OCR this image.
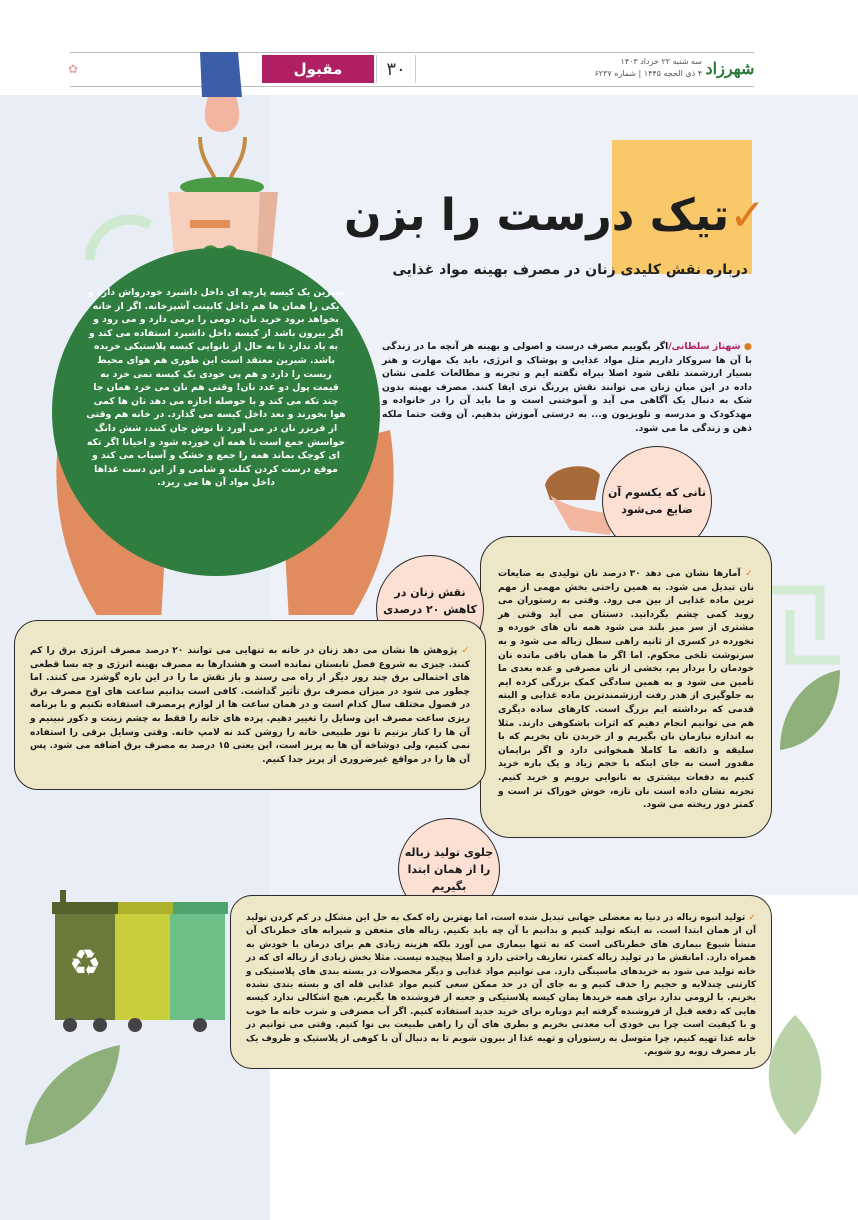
✿	مقبول	۳۰	سه شنبه ۲۲ خرداد ۱۴۰۳
۴ ذی الحجه ۱۴۴۵ | شماره ۶۲۳۷ شهرزاد
شیرین یک کیسه پارچه ای داخل داشبرد خودرواش دارد و یکی را همان ها هم داخل کابینت آشپزخانه. اگر از خانه بخواهد برود خرید نان، دومی را برمی دارد و می رود و اگر بیرون باشد از کیسه داخل داشبرد استفاده می کند و به یاد ندارد تا به حال از نانوایی کیسه پلاستیکی خریده باشد. شیرین معتقد است این طوری هم هوای محیط زیست را دارد و هم پی خودی یک کیسه نمی خرد به قیمت پول دو عدد نان! وقتی هم نان می خرد همان جا چند تکه می کند و با حوصله اجازه می دهد نان ها کمی هوا بخورند و بعد داخل کیسه می گذارد. در خانه هم وقتی از فریزر نان در می آورد تا نوش جان کنند، شش دانگ حواسش جمع است تا همه آن خورده شود و احیانا اگر تکه ای کوچک بماند همه را جمع و خشک و آسیاب می کند و موقع درست کردن کتلت و شامی و از این دست غذاها داخل مواد آن ها می ریزد.
✓تیک درست را بزن
درباره نقش کلیدی زنان در مصرف بهینه مواد غذایی
● شهناز سلطانی/اگر بگوییم مصرف درست و اصولی و بهینه هر آنچه ما در زندگی با آن ها سروکار داریم مثل مواد غذایی و پوشاک و انرژی، باید یک مهارت و هنر بسیار ارزشمند تلقی شود اصلا بیراه نگفته ایم و تجربه و مطالعات علمی نشان داده در این میان زنان می توانند نقش پررنگ تری ایفا کنند. مصرف بهینه بدون شک به دنبال یک آگاهی می آید و آموختنی است و ما باید آن را در خانواده و مهدکودک و مدرسه و تلویزیون و... به درستی آموزش بدهیم. آن وقت حتما ملکه ذهن و زندگی ما می شود.
نانی که یکسوم آن ضایع می‌شود
✓ آمارها نشان می دهد ۳۰ درصد نان تولیدی به ضایعات نان تبدیل می شود. به همین راحتی بخش مهمی از مهم ترین ماده غذایی از بین می رود. وقتی به رستوران می روید کمی چشم بگردانید. دستتان می آید وقتی هر مشتری از سر میز بلند می شود همه نان های خورده و نخورده در کسری از ثانیه راهی سطل زباله می شود و به سرنوشت تلخی محکوم. اما اگر ما همان باقی مانده نان خودمان را بردار یم، بخشی از نان مصرفی و عده بعدی ما تأمین می شود و به همین سادگی کمک بزرگی کرده ایم به جلوگیری از هدر رفت ارزشمندترین ماده غذایی و البته قدمی که برداشته ایم بزرگ است. کارهای ساده دیگری هم می توانیم انجام دهیم که اثرات باشکوهی دارند. مثلا به اندازه نیازمان نان بگیریم و از خریدن نان بخریم که با سلیقه و ذائقه ما کاملا همخوانی دارد و اگر برایمان مقدور است به جای اینکه با حجم زیاد و یک باره خرید کنیم به دفعات بیشتری به نانوایی برویم و خرید کنیم. تجربه نشان داده است نان تازه، خوش خوراک تر است و کمتر دور ریخته می شود.
نقش زنان در کاهش ۲۰ درصدی
✓ پژوهش ها نشان می دهد زنان در خانه به تنهایی می توانند ۲۰ درصد مصرف انرژی برق را کم کنند. چیزی به شروع فصل تابستان نمانده است و هشدارها به مصرف بهینه انرژی و چه بسا قطعی های احتمالی برق چند روز دیگر از راه می رسند و باز نقش ما را در این باره گوشزد می کنند. اما چطور می شود در میزان مصرف برق تأثیر گذاشت. کافی است بدانیم ساعت های اوج مصرف برق در فصول مختلف سال کدام است و در همان ساعت ها از لوازم پرمصرف استفاده نکنیم و با برنامه ریزی ساعت مصرف این وسایل را تغییر دهیم. پرده های خانه را فقط به چشم زینت و دکور نبینیم و آن ها را کنار بزنیم تا نور طبیعی خانه را روشن کند نه لامپ خانه. وقتی وسایل برقی را استفاده نمی کنیم، ولی دوشاخه آن ها به پریز است، این یعنی ۱۵ درصد به مصرف برق اضافه می شود. پس آن ها را در مواقع غیرضروری از پریز جدا کنیم.
جلوی تولید زباله را از همان ابتدا بگیریم
✓ تولید انبوه زباله در دنیا به معضلی جهانی تبدیل شده است، اما بهترین راه کمک به حل این مشکل در کم کردن تولید آن از همان ابتدا است. نه اینکه تولید کنیم و بدانیم با آن چه باید بکنیم. زباله های متعفن و شیرابه های خطرناک آن منشأ شیوع بیماری های خطرناکی است که نه تنها بیماری می آورد بلکه هزینه زیادی هم برای درمان با خودش به همراه دارد. امانقش ما در تولید زباله کمتر، تعاریف راحتی دارد و اصلا پیچیده نیست. مثلا بخش زیادی از زباله ای که در خانه تولید می شود به خریدهای ماسینگی دارد. می توانیم مواد غذایی و دیگر محصولات در بسته بندی های پلاستیکی و کارتنی چندلایه و حجیم را حذف کنیم و به جای آن در حد ممکن سعی کنیم مواد غذایی فله ای و بسته بندی نشده بخریم. با لزومی ندارد برای همه خریدها یمان کیسه پلاستیکی و جعبه از فروشنده ها بگیریم. هیچ اشکالی ندارد کیسه هایی که دفعه قبل از فروشنده گرفته ایم دوباره برای خرید جدید استفاده کنیم. اگر آب مصرفی و شرب خانه ما خوب و با کیفیت است چرا بی خودی آب معدنی بخریم و بطری های آن را راهی طبیعت بی نوا کنیم. وقتی می توانیم در خانه غذا تهیه کنیم، چرا متوسل به رستوران و تهیه غذا از بیرون شویم تا به دنبال آن با کوهی از پلاستیک و ظروف یک بار مصرف روبه رو شویم.
♻
